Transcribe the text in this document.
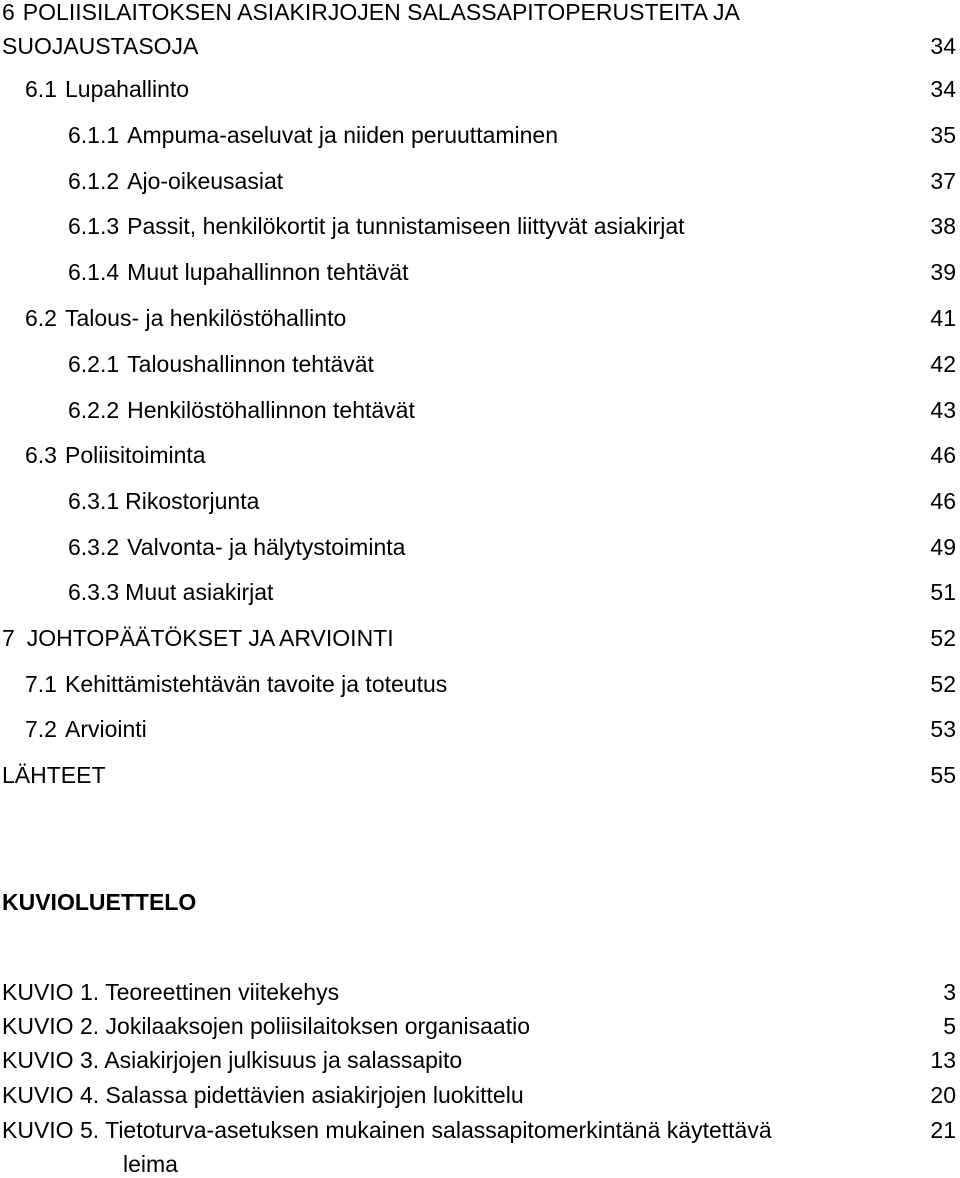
6 POLIISILAITOKSEN ASIAKIRJOJEN SALASSAPITOPERUSTEITA JA
SUOJAUSTASOJA	34
6.1 Lupahallinto	34
6.1.1 Ampuma-aseluvat ja niiden peruuttaminen	35
6.1.2 Ajo-oikeusasiat	37
6.1.3 Passit, henkilökortit ja tunnistamiseen liittyvät asiakirjat	38
6.1.4 Muut lupahallinnon tehtävät	39
6.2 Talous- ja henkilöstöhallinto	41
6.2.1 Taloushallinnon tehtävät	42
6.2.2 Henkilöstöhallinnon tehtävät	43
6.3 Poliisitoiminta	46
6.3.1 Rikostorjunta	46
6.3.2 Valvonta- ja hälytystoiminta	49
6.3.3 Muut asiakirjat	51
7 JOHTOPÄÄTÖKSET JA ARVIOINTI	52
7.1 Kehittämistehtävän tavoite ja toteutus	52
7.2 Arviointi	53
LÄHTEET	55
KUVIOLUETTELO
KUVIO 1. Teoreettinen viitekehys	3
KUVIO 2. Jokilaaksojen poliisilaitoksen organisaatio	5
KUVIO 3. Asiakirjojen julkisuus ja salassapito	13
KUVIO 4. Salassa pidettävien asiakirjojen luokittelu	20
KUVIO 5. Tietoturva-asetuksen mukainen salassapitomerkintänä käytettävä	21
leima
